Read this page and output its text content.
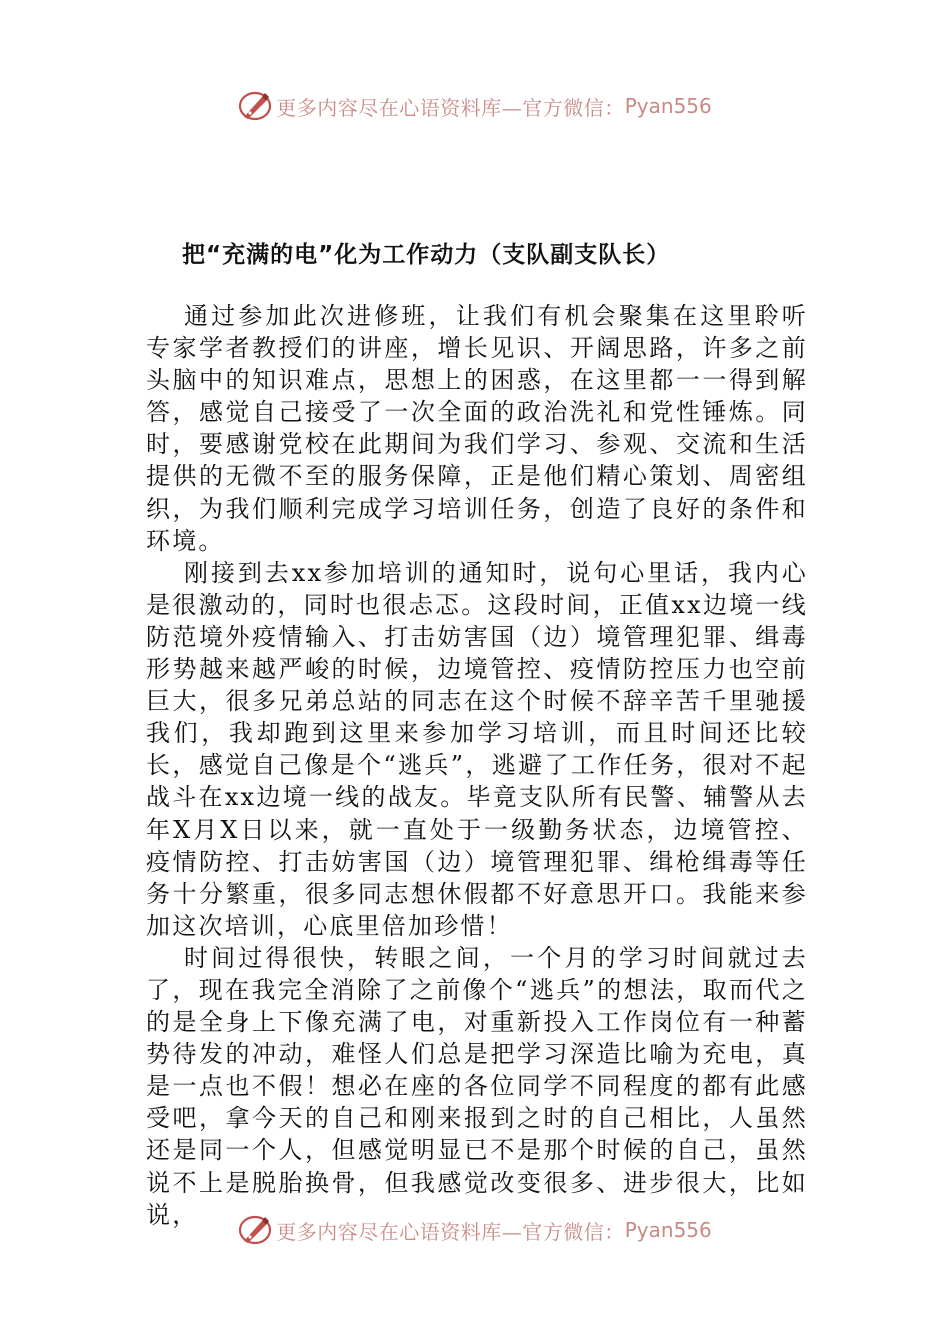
更多内容尽在心语资料库—官方微信： Pyan556
把“充满的电”化为工作动力（支队副支队长）

通过参加此次进修班，让我们有机会聚集在这里聆听专家学者教授们的讲座，增长见识、开阔思路，许多之前头脑中的知识难点，思想上的困惑，在这里都一一得到解答，感觉自己接受了一次全面的政治洗礼和党性锤炼。同时，要感谢党校在此期间为我们学习、参观、交流和生活提供的无微不至的服务保障，正是他们精心策划、周密组织，为我们顺利完成学习培训任务，创造了良好的条件和环境。

刚接到去xx参加培训的通知时，说句心里话，我内心是很激动的，同时也很忐忑。这段时间，正值xx边境一线防范境外疫情输入、打击妨害国（边）境管理犯罪、缉毒形势越来越严峻的时候，边境管控、疫情防控压力也空前巨大，很多兄弟总站的同志在这个时候不辞辛苦千里驰援我们，我却跑到这里来参加学习培训，而且时间还比较长，感觉自己像是个“逃兵”，逃避了工作任务，很对不起战斗在xx边境一线的战友。毕竟支队所有民警、辅警从去年X月X日以来，就一直处于一级勤务状态，边境管控、疫情防控、打击妨害国（边）境管理犯罪、缉枪缉毒等任务十分繁重，很多同志想休假都不好意思开口。我能来参加这次培训，心底里倍加珍惜！

时间过得很快，转眼之间，一个月的学习时间就过去了，现在我完全消除了之前像个“逃兵”的想法，取而代之的是全身上下像充满了电，对重新投入工作岗位有一种蓄势待发的冲动，难怪人们总是把学习深造比喻为充电，真是一点也不假！想必在座的各位同学不同程度的都有此感受吧，拿今天的自己和刚来报到之时的自己相比，人虽然还是同一个人，但感觉明显已不是那个时候的自己，虽然说不上是脱胎换骨，但我感觉改变很多、进步很大，比如说，

更多内容尽在心语资料库—官方微信： Pyan556
